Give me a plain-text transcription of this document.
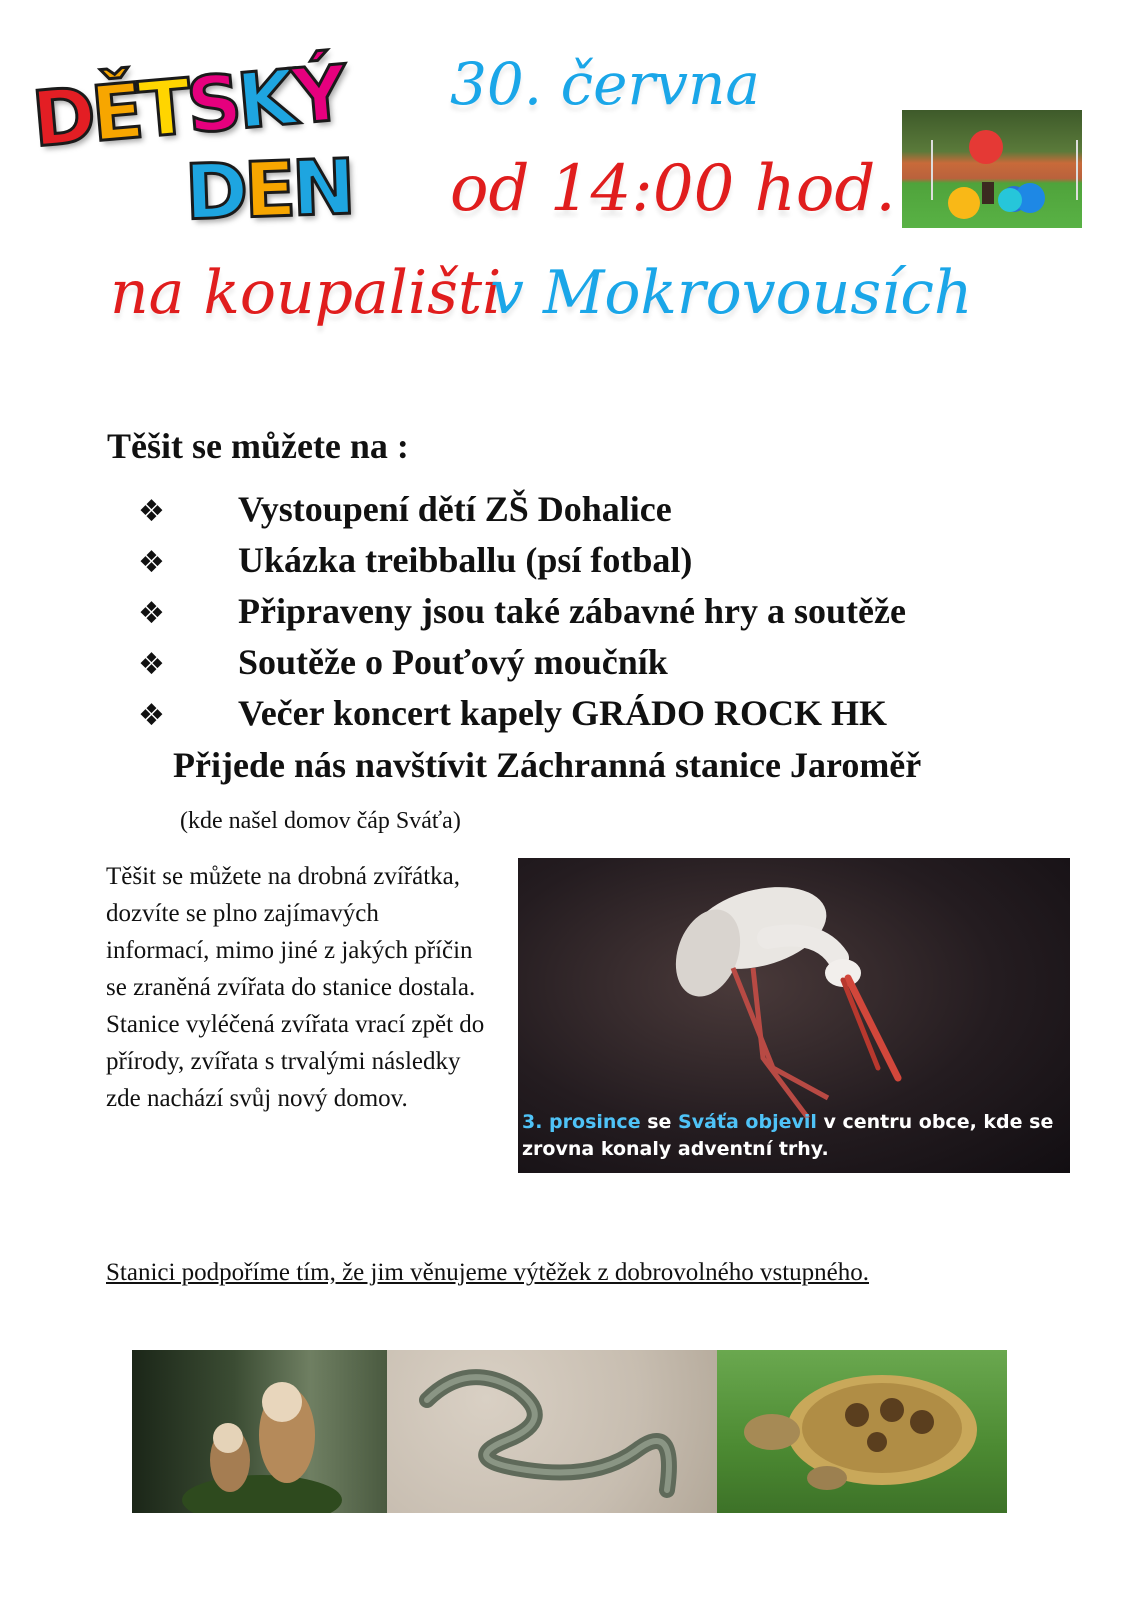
D
Ě
T
S
K
Ý
D
E
N
30. června
od 14:00 hod.
na koupališti
v Mokrovousích
Těšit se můžete na :
❖	Vystoupení dětí ZŠ Dohalice
❖	Ukázka treibballu (psí fotbal)
❖	Připraveny jsou také zábavné hry a soutěže
❖	Soutěže o Pouťový moučník
❖	Večer koncert kapely GRÁDO ROCK HK
Přijede nás navštívit Záchranná stanice Jaroměř
(kde našel domov čáp Sváťa)
Těšit se můžete na drobná zvířátka, dozvíte se plno zajímavých informací, mimo jiné z jakých příčin se zraněná zvířata do stanice dostala. Stanice vyléčená zvířata vrací zpět do přírody, zvířata s trvalými následky zde nachází svůj nový domov.
3. prosince se Sváťa objevil v centru obce, kde se zrovna konaly adventní trhy.
Stanici podpoříme tím, že jim věnujeme výtěžek z dobrovolného vstupného.
